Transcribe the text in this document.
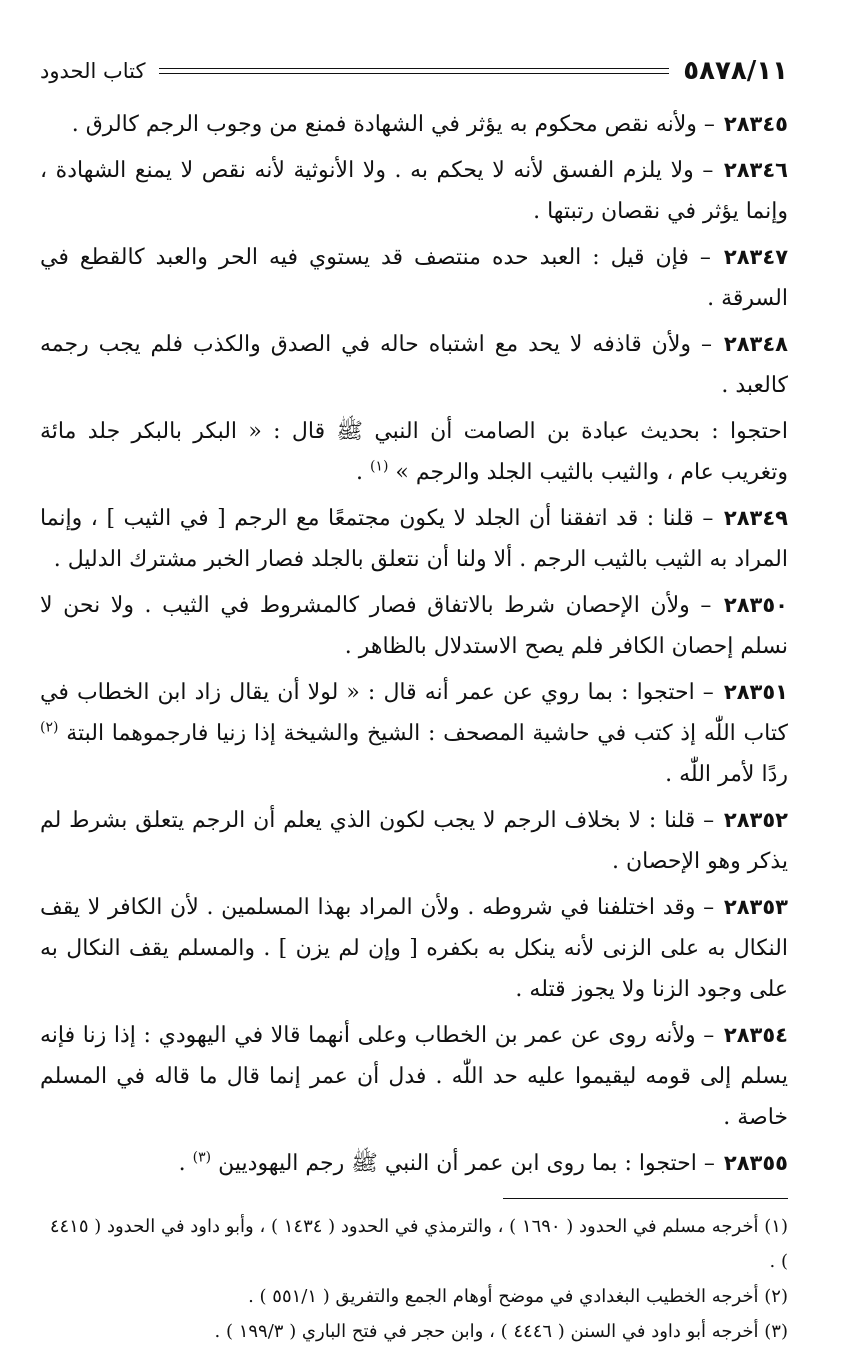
٥٨٧٨/١١
كتاب الحدود

٢٨٣٤٥ – ولأنه نقص محكوم به يؤثر في الشهادة فمنع من وجوب الرجم كالرق .

٢٨٣٤٦ – ولا يلزم الفسق لأنه لا يحكم به . ولا الأنوثية لأنه نقص لا يمنع الشهادة ، وإنما يؤثر في نقصان رتبتها .

٢٨٣٤٧ – فإن قيل : العبد حده منتصف قد يستوي فيه الحر والعبد كالقطع في السرقة .

٢٨٣٤٨ – ولأن قاذفه لا يحد مع اشتباه حاله في الصدق والكذب فلم يجب رجمه كالعبد .

احتجوا : بحديث عبادة بن الصامت أن النبي ﷺ قال : « البكر بالبكر جلد مائة وتغريب عام ، والثيب بالثيب الجلد والرجم » $^{(١)}$ .

٢٨٣٤٩ – قلنا : قد اتفقنا أن الجلد لا يكون مجتمعًا مع الرجم [ في الثيب ] ، وإنما المراد به الثيب بالثيب الرجم . ألا ولنا أن نتعلق بالجلد فصار الخبر مشترك الدليل .

٢٨٣٥٠ – ولأن الإحصان شرط بالاتفاق فصار كالمشروط في الثيب . ولا نحن لا نسلم إحصان الكافر فلم يصح الاستدلال بالظاهر .

٢٨٣٥١ – احتجوا : بما روي عن عمر أنه قال : « لولا أن يقال زاد ابن الخطاب في كتاب اللّٰه إذ كتب في حاشية المصحف : الشيخ والشيخة إذا زنيا فارجموهما البتة $^{(٢)}$ ردًا لأمر اللّٰه .

٢٨٣٥٢ – قلنا : لا بخلاف الرجم لا يجب لكون الذي يعلم أن الرجم يتعلق بشرط لم يذكر وهو الإحصان .

٢٨٣٥٣ – وقد اختلفنا في شروطه . ولأن المراد بهذا المسلمين . لأن الكافر لا يقف النكال به على الزنى لأنه ينكل به بكفره [ وإن لم يزن ] . والمسلم يقف النكال به على وجود الزنا ولا يجوز قتله .

٢٨٣٥٤ – ولأنه روى عن عمر بن الخطاب وعلى أنهما قالا في اليهودي : إذا زنا فإنه يسلم إلى قومه ليقيموا عليه حد اللّٰه . فدل أن عمر إنما قال ما قاله في المسلم خاصة .

٢٨٣٥٥ – احتجوا : بما روى ابن عمر أن النبي ﷺ رجم اليهوديين $^{(٣)}$ .

(١) أخرجه مسلم في الحدود ( ١٦٩٠ ) ، والترمذي في الحدود ( ١٤٣٤ ) ، وأبو داود في الحدود ( ٤٤١٥ ) .

(٢) أخرجه الخطيب البغدادي في موضح أوهام الجمع والتفريق ( ٥٥١/١ ) .

(٣) أخرجه أبو داود في السنن ( ٤٤٤٦ ) ، وابن حجر في فتح الباري ( ١٩٩/٣ ) .
